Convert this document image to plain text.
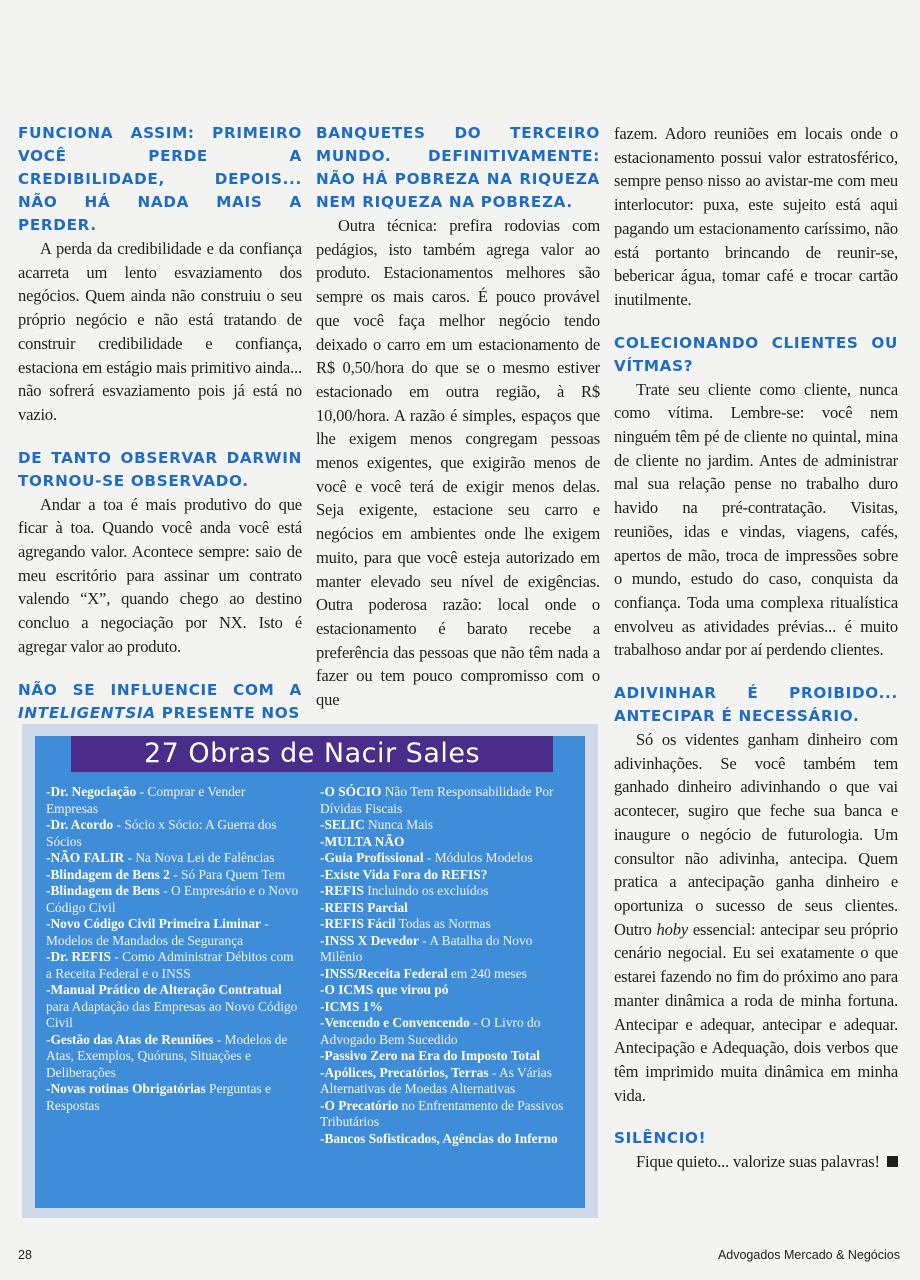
FUNCIONA ASSIM: PRIMEIRO VOCÊ PERDE A CREDIBILIDADE, DEPOIS... NÃO HÁ NADA MAIS A PERDER.

A perda da credibilidade e da confiança acarreta um lento esvaziamento dos negócios. Quem ainda não construiu o seu próprio negócio e não está tratando de construir credibilidade e confiança, estaciona em estágio mais primitivo ainda... não sofrerá esvaziamento pois já está no vazio.

DE TANTO OBSERVAR DARWIN TORNOU-SE OBSERVADO.

Andar a toa é mais produtivo do que ficar à toa. Quando você anda você está agregando valor. Acontece sempre: saio de meu escritório para assinar um contrato valendo “X”, quando chego ao destino concluo a negociação por NX. Isto é agregar valor ao produto.

NÃO SE INFLUENCIE COM A INTELIGENTSIA PRESENTE NOS
BANQUETES DO TERCEIRO MUNDO. DEFINITIVAMENTE: NÃO HÁ POBREZA NA RIQUEZA NEM RIQUEZA NA POBREZA.

Outra técnica: prefira rodovias com pedágios, isto também agrega valor ao produto. Estacionamentos melhores são sempre os mais caros. É pouco provável que você faça melhor negócio tendo deixado o carro em um estacionamento de R$ 0,50/hora do que se o mesmo estiver estacionado em outra região, à R$ 10,00/hora. A razão é simples, espaços que lhe exigem menos congregam pessoas menos exigentes, que exigirão menos de você e você terá de exigir menos delas. Seja exigente, estacione seu carro e negócios em ambientes onde lhe exigem muito, para que você esteja autorizado em manter elevado seu nível de exigências. Outra poderosa razão: local onde o estacionamento é barato recebe a preferência das pessoas que não têm nada a fazer ou tem pouco compromisso com o que

fazem. Adoro reuniões em locais onde o estacionamento possui valor estratosférico, sempre penso nisso ao avistar-me com meu interlocutor: puxa, este sujeito está aqui pagando um estacionamento caríssimo, não está portanto brincando de reunir-se, bebericar água, tomar café e trocar cartão inutilmente.

COLECIONANDO CLIENTES OU VÍTMAS?

Trate seu cliente como cliente, nunca como vítima. Lembre-se: você nem ninguém têm pé de cliente no quintal, mina de cliente no jardim. Antes de administrar mal sua relação pense no trabalho duro havido na pré-contratação. Visitas, reuniões, idas e vindas, viagens, cafés, apertos de mão, troca de impressões sobre o mundo, estudo do caso, conquista da confiança. Toda uma complexa ritualística envolveu as atividades prévias... é muito trabalhoso andar por aí perdendo clientes.

ADIVINHAR É PROIBIDO... ANTECIPAR É NECESSÁRIO.

Só os videntes ganham dinheiro com adivinhações. Se você também tem ganhado dinheiro adivinhando o que vai acontecer, sugiro que feche sua banca e inaugure o negócio de futurologia. Um consultor não adivinha, antecipa. Quem pratica a antecipação ganha dinheiro e oportuniza o sucesso de seus clientes. Outro hoby essencial: antecipar seu próprio cenário negocial. Eu sei exatamente o que estarei fazendo no fim do próximo ano para manter dinâmica a roda de minha fortuna. Antecipar e adequar, antecipar e adequar. Antecipação e Adequação, dois verbos que têm imprimido muita dinâmica em minha vida.

SILÊNCIO!

Fique quieto... valorize suas palavras!

27 Obras de Nacir Sales
-Dr. Negociação - Comprar e Vender Empresas
-Dr. Acordo - Sócio x Sócio: A Guerra dos Sócios
-NÃO FALIR - Na Nova Lei de Falências
-Blindagem de Bens 2 - Só Para Quem Tem
-Blindagem de Bens - O Empresário e o Novo Código Civil
-Novo Código Civil Primeira Liminar - Modelos de Mandados de Segurança
-Dr. REFIS - Como Administrar Débitos com a Receita Federal e o INSS
-Manual Prático de Alteração Contratual para Adaptação das Empresas ao Novo Código Civil
-Gestão das Atas de Reuniões - Modelos de Atas, Exemplos, Quóruns, Situações e Deliberações
-Novas rotinas Obrigatórias Perguntas e Respostas
-O SÓCIO Não Tem Responsabilidade Por Dívidas Fiscais
-SELIC Nunca Mais
-MULTA NÃO
-Guia Profissional - Módulos Modelos
-Existe Vida Fora do REFIS?
-REFIS Incluindo os excluídos
-REFIS Parcial
-REFIS Fácil Todas as Normas
-INSS X Devedor - A Batalha do Novo Milênio
-INSS/Receita Federal em 240 meses
-O ICMS que virou pó
-ICMS 1%
-Vencendo e Convencendo - O Livro do Advogado Bem Sucedido
-Passivo Zero na Era do Imposto Total
-Apólices, Precatórios, Terras - As Várias Alternativas de Moedas Alternativas
-O Precatório no Enfrentamento de Passivos Tributários
-Bancos Sofisticados, Agências do Inferno
28	Advogados Mercado & Negócios
